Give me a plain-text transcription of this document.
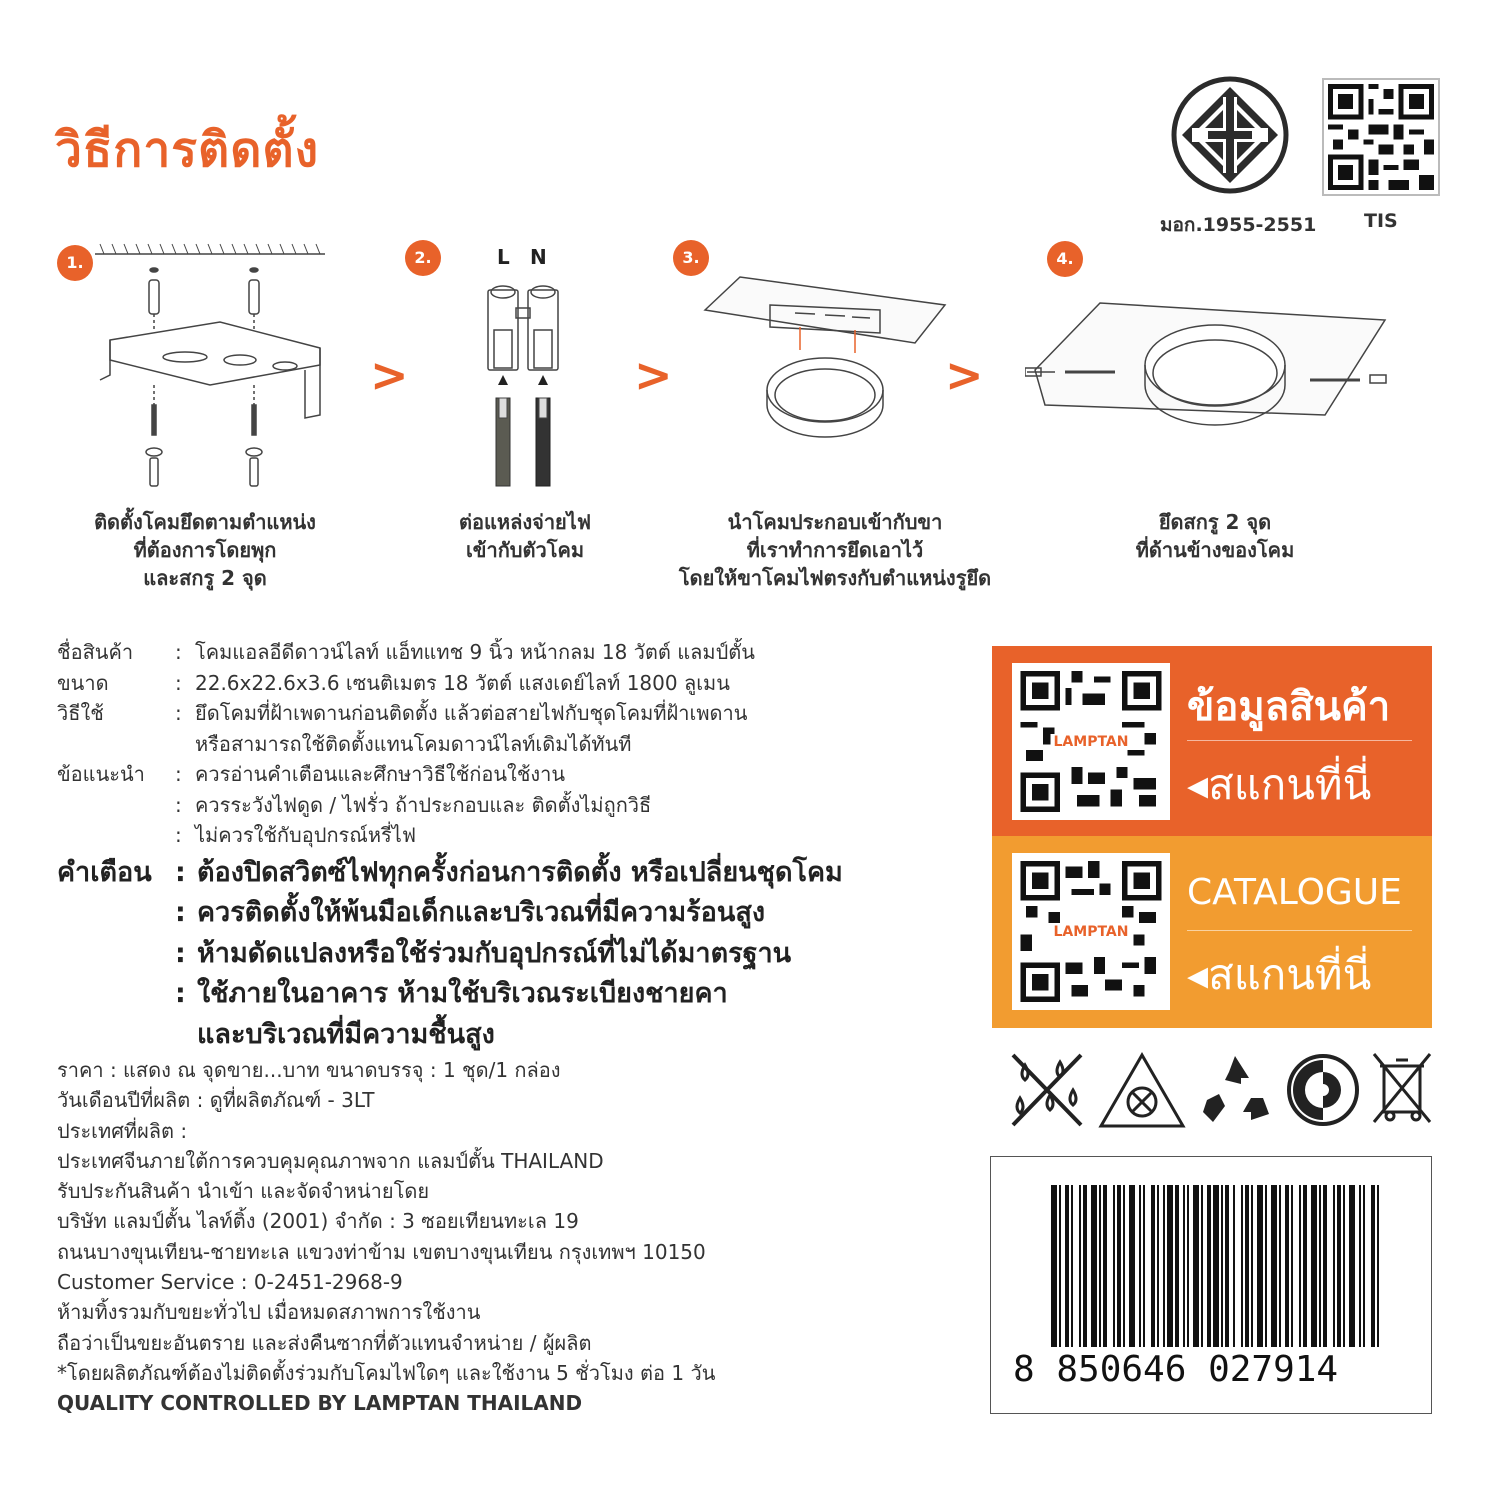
วิธีการติดตั้ง
มอก.1955-2551	TIS
1.	2.	3.	4.
>	>	>
L N
ติดตั้งโคมยึดตามตำแหน่ง
ที่ต้องการโดยพุก
และสกรู 2 จุด
ต่อแหล่งจ่ายไฟ
เข้ากับตัวโคม
นำโคมประกอบเข้ากับขา
ที่เราทำการยึดเอาไว้
โดยให้ขาโคมไฟตรงกับตำแหน่งรูยึด
ยึดสกรู 2 จุด
ที่ด้านข้างของโคม
ชื่อสินค้า	: โคมแอลอีดีดาวน์ไลท์ แอ็ทแทช 9 นิ้ว หน้ากลม 18 วัตต์ แลมป์ตั้น
ขนาด	: 22.6x22.6x3.6 เซนติเมตร 18 วัตต์ แสงเดย์ไลท์ 1800 ลูเมน
วิธีใช้	: ยึดโคมที่ฝ้าเพดานก่อนติดตั้ง แล้วต่อสายไฟกับชุดโคมที่ฝ้าเพดาน
หรือสามารถใช้ติดตั้งแทนโคมดาวน์ไลท์เดิมได้ทันที
ข้อแนะนำ	: ควรอ่านคำเตือนและศึกษาวิธีใช้ก่อนใช้งาน
: ควรระวังไฟดูด / ไฟรั่ว ถ้าประกอบและ ติดตั้งไม่ถูกวิธี
: ไม่ควรใช้กับอุปกรณ์หรี่ไฟ
คำเตือน : ต้องปิดสวิตซ์ไฟทุกครั้งก่อนการติดตั้ง หรือเปลี่ยนชุดโคม
: ควรติดตั้งให้พ้นมือเด็กและบริเวณที่มีความร้อนสูง
: ห้ามดัดแปลงหรือใช้ร่วมกับอุปกรณ์ที่ไม่ได้มาตรฐาน
: ใช้ภายในอาคาร ห้ามใช้บริเวณระเบียงชายคา
และบริเวณที่มีความชื้นสูง
ราคา : แสดง ณ จุดขาย...บาท ขนาดบรรจุ : 1 ชุด/1 กล่อง
วันเดือนปีที่ผลิต : ดูที่ผลิตภัณฑ์ - 3LT
ประเทศที่ผลิต :
ประเทศจีนภายใต้การควบคุมคุณภาพจาก แลมป์ตั้น THAILAND
รับประกันสินค้า นำเข้า และจัดจำหน่ายโดย
บริษัท แลมป์ตั้น ไลท์ติ้ง (2001) จำกัด : 3 ซอยเทียนทะเล 19
ถนนบางขุนเทียน-ชายทะเล แขวงท่าข้าม เขตบางขุนเทียน กรุงเทพฯ 10150
Customer Service : 0-2451-2968-9
ห้ามทิ้งรวมกับขยะทั่วไป เมื่อหมดสภาพการใช้งาน
ถือว่าเป็นขยะอันตราย และส่งคืนซากที่ตัวแทนจำหน่าย / ผู้ผลิต
*โดยผลิตภัณฑ์ต้องไม่ติดตั้งร่วมกับโคมไฟใดๆ และใช้งาน 5 ชั่วโมง ต่อ 1 วัน
QUALITY CONTROLLED BY LAMPTAN THAILAND
LAMPTAN
ข้อมูลสินค้า
◂สแกนที่นี่
LAMPTAN
CATALOGUE
◂สแกนที่นี่
8 850646 027914
